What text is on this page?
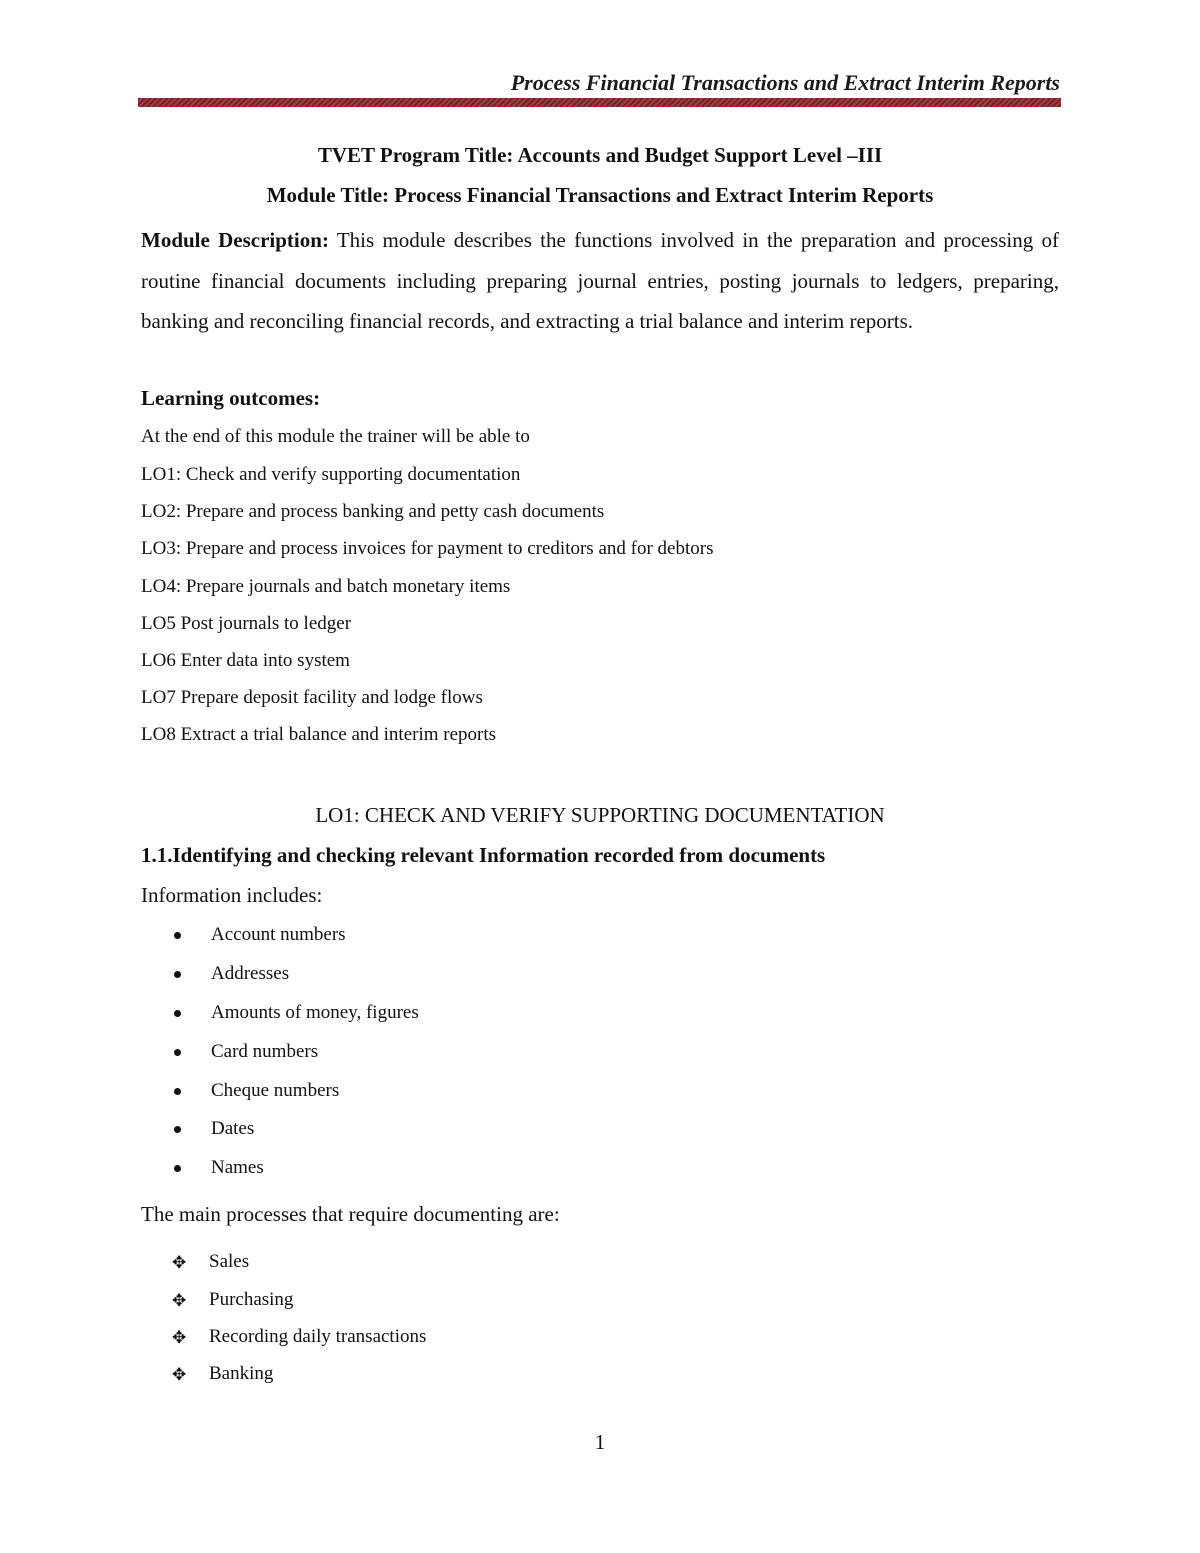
Process Financial Transactions and Extract Interim Reports
TVET Program Title: Accounts and Budget Support Level –III
Module Title: Process Financial Transactions and Extract Interim Reports
Module Description: This module describes the functions involved in the preparation and processing of routine financial documents including preparing journal entries, posting journals to ledgers, preparing, banking and reconciling financial records, and extracting a trial balance and interim reports.
Learning outcomes:
At the end of this module the trainer will be able to
LO1: Check and verify supporting documentation
LO2: Prepare and process banking and petty cash documents
LO3: Prepare and process invoices for payment to creditors and for debtors
LO4: Prepare journals and batch monetary items
LO5 Post journals to ledger
LO6 Enter data into system
LO7 Prepare deposit facility and lodge flows
LO8 Extract a trial balance and interim reports
LO1: CHECK AND VERIFY SUPPORTING DOCUMENTATION
1.1.Identifying and checking relevant Information recorded from documents
Information includes:
Account numbers
Addresses
Amounts of money, figures
Card numbers
Cheque numbers
Dates
Names
The main processes that require documenting are:
✥ Sales
✥ Purchasing
✥ Recording daily transactions
✥ Banking
1
